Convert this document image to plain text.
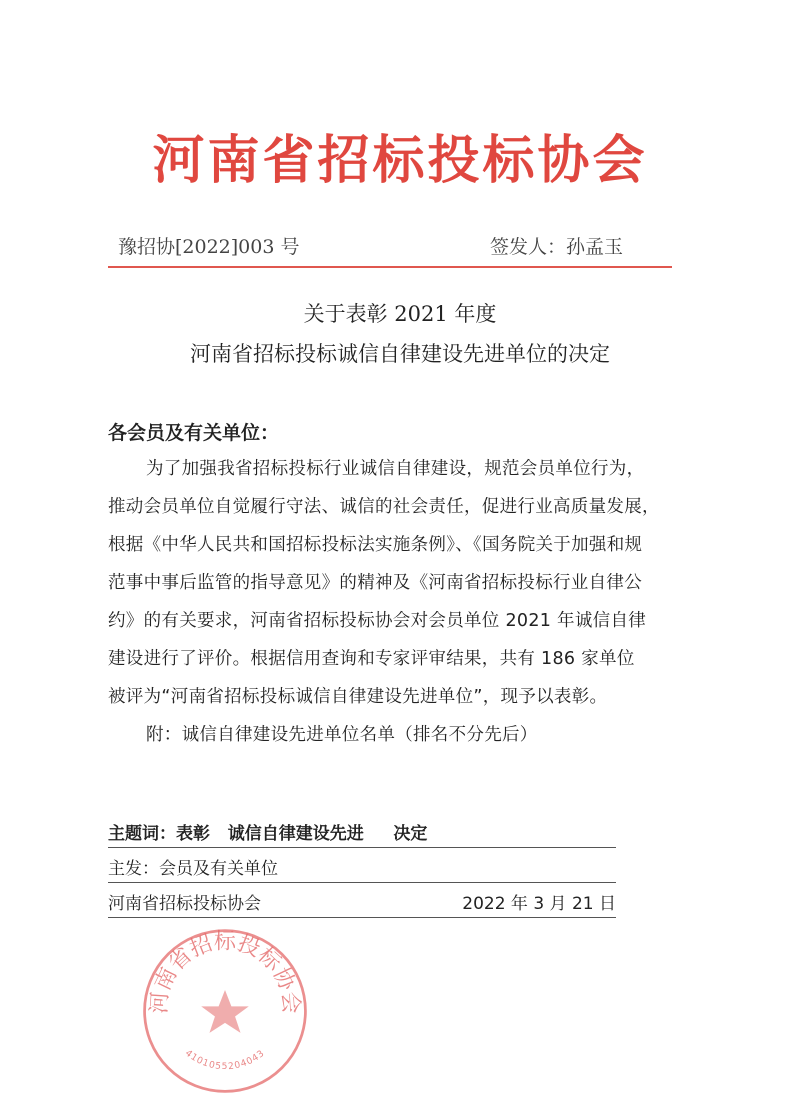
河南省招标投标协会
豫招协[2022]003 号	签发人：孙孟玉
关于表彰 2021 年度
河南省招标投标诚信自律建设先进单位的决定
各会员及有关单位：
为了加强我省招标投标行业诚信自律建设，规范会员单位行为，
推动会员单位自觉履行守法、诚信的社会责任，促进行业高质量发展，
根据《中华人民共和国招标投标法实施条例》、《国务院关于加强和规
范事中事后监管的指导意见》的精神及《河南省招标投标行业自律公
约》的有关要求，河南省招标投标协会对会员单位 2021 年诚信自律
建设进行了评价。根据信用查询和专家评审结果，共有 186 家单位
被评为“河南省招标投标诚信自律建设先进单位”，现予以表彰。
附：诚信自律建设先进单位名单（排名不分先后）
主题词：表彰   诚信自律建设先进     决定
主发：会员及有关单位
河南省招标投标协会	2022 年 3 月 21 日
河南省招标投标协会
4101055204043
